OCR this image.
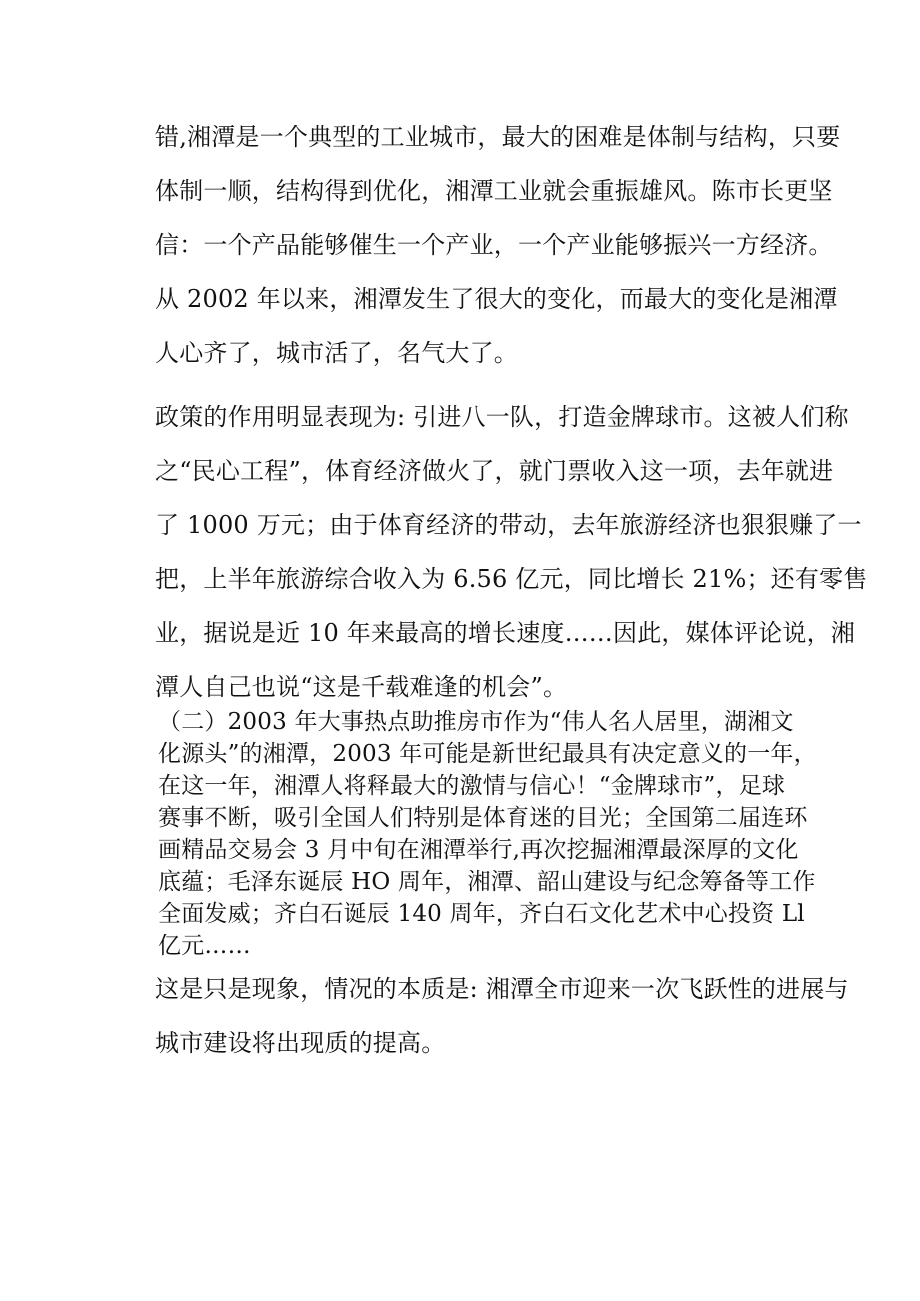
错,湘潭是一个典型的工业城市，最大的困难是体制与结构，只要
体制一顺，结构得到优化，湘潭工业就会重振雄风。陈市长更坚
信：一个产品能够催生一个产业，一个产业能够振兴一方经济。

从 2002 年以来，湘潭发生了很大的变化，而最大的变化是湘潭
人心齐了，城市活了，名气大了。

政策的作用明显表现为: 引进八一队，打造金牌球市。这被人们称
之“民心工程”，体育经济做火了，就门票收入这一项，去年就进
了 1000 万元；由于体育经济的带动，去年旅游经济也狠狠赚了一
把，上半年旅游综合收入为 6.56 亿元，同比增长 21%；还有零售
业，据说是近 10 年来最高的增长速度……因此，媒体评论说，湘
潭人自己也说“这是千载难逢的机会”。

（二）2003 年大事热点助推房市作为“伟人名人居里，湖湘文
化源头”的湘潭，2003 年可能是新世纪最具有决定意义的一年，
在这一年，湘潭人将释最大的激情与信心！“金牌球市”，足球
赛事不断，吸引全国人们特别是体育迷的目光；全国第二届连环
画精品交易会 3 月中旬在湘潭举行,再次挖掘湘潭最深厚的文化
底蕴；毛泽东诞辰 HO 周年，湘潭、韶山建设与纪念筹备等工作
全面发威；齐白石诞辰 140 周年，齐白石文化艺术中心投资 Ll
亿元……

这是只是现象，情况的本质是: 湘潭全市迎来一次飞跃性的进展与
城市建设将出现质的提高。
